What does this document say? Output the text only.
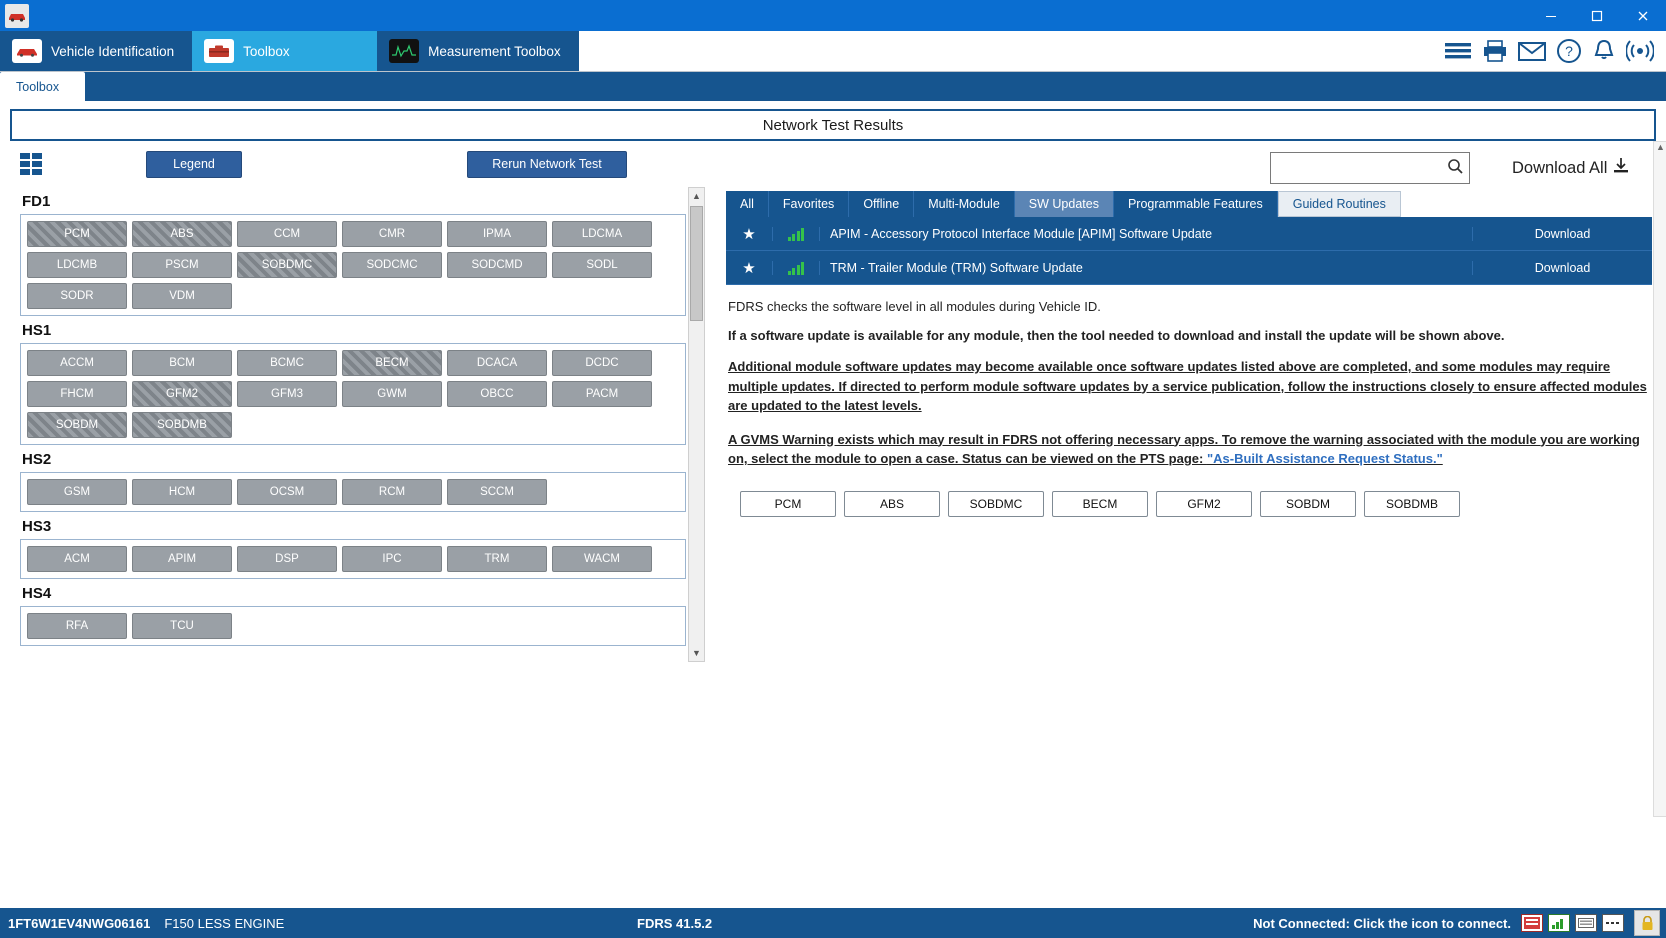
Vehicle Identification	Toolbox	Measurement Toolbox	?
Toolbox
Network Test Results
Legend	Rerun Network Test
FD1
PCM	ABS	CCM	CMR	IPMA	LDCMA
LDCMB	PSCM	SOBDMC	SODCMC	SODCMD	SODL
SODR	VDM
HS1
ACCM	BCM	BCMC	BECM	DCACA	DCDC
FHCM	GFM2	GFM3	GWM	OBCC	PACM
SOBDM	SOBDMB
HS2
GSM	HCM	OCSM	RCM	SCCM
HS3
ACM	APIM	DSP	IPC	TRM	WACM
HS4
RFA	TCU
▲
▼
Download All
All	Favorites	Offline	Multi-Module	SW Updates	Programmable Features	Guided Routines
★	APIM - Accessory Protocol Interface Module [APIM] Software Update	Download
★	TRM - Trailer Module (TRM) Software Update	Download
FDRS checks the software level in all modules during Vehicle ID.
If a software update is available for any module, then the tool needed to download and install the update will be shown above.
Additional module software updates may become available once software updates listed above are completed, and some modules may require multiple updates. If directed to perform module software updates by a service publication, follow the instructions closely to ensure affected modules are updated to the latest levels.
A GVMS Warning exists which may result in FDRS not offering necessary apps. To remove the warning associated with the module you are working on, select the module to open a case. Status can be viewed on the PTS page: "As-Built Assistance Request Status."
PCM	ABS	SOBDMC	BECM	GFM2	SOBDM	SOBDMB
▲
1FT6W1EV4NWG06161 F150 LESS ENGINE	FDRS 41.5.2	Not Connected: Click the icon to connect.
